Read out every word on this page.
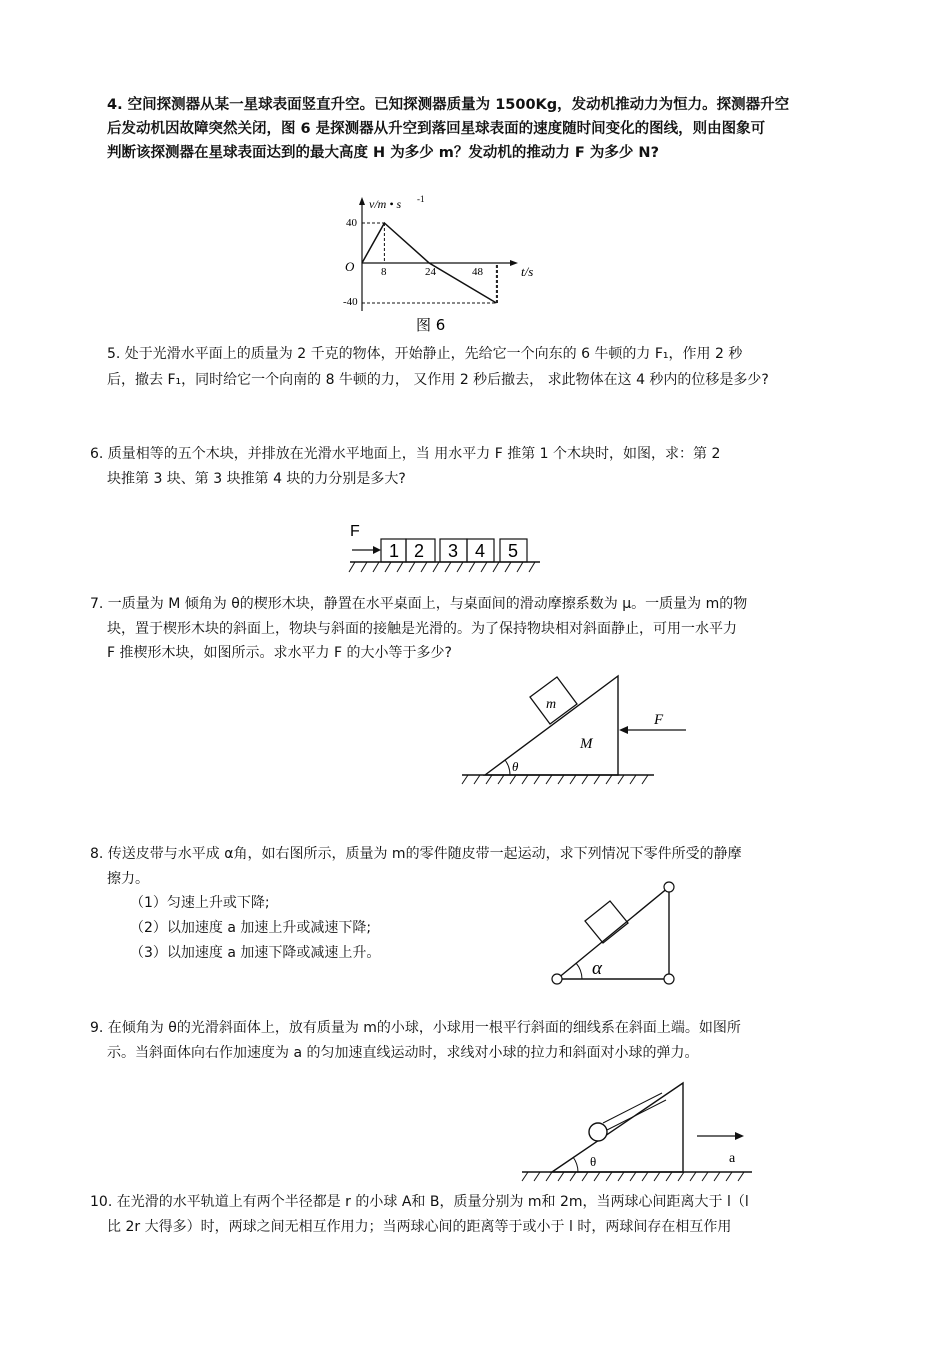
4. 空间探测器从某一星球表面竖直升空。已知探测器质量为 1500Kg，发动机推动力为恒力。探测器升空
后发动机因故障突然关闭，图 6 是探测器从升空到落回星球表面的速度随时间变化的图线，则由图象可
判断该探测器在星球表面达到的最大高度 H 为多少 m？发动机的推动力 F 为多少 N?
v/m • s -1
t/s
O
40
-40
8	24	48
图 6
5. 处于光滑水平面上的质量为 2 千克的物体，开始静止，先给它一个向东的 6 牛顿的力 F₁，作用 2 秒
后，撤去 F₁，同时给它一个向南的 8 牛顿的力， 又作用 2 秒后撤去， 求此物体在这 4 秒内的位移是多少?
6. 质量相等的五个木块，并排放在光滑水平地面上，当 用水平力 F 推第 1 个木块时，如图，求：第 2
块推第 3 块、第 3 块推第 4 块的力分别是多大?
F
1 2 3 4 5
7. 一质量为 M 倾角为 θ的楔形木块，静置在水平桌面上，与桌面间的滑动摩擦系数为 μ。一质量为 m的物
块，置于楔形木块的斜面上，物块与斜面的接触是光滑的。为了保持物块相对斜面静止，可用一水平力
F 推楔形木块，如图所示。求水平力 F 的大小等于多少?
m
M
F
θ
8. 传送皮带与水平成 α角，如右图所示，质量为 m的零件随皮带一起运动，求下列情况下零件所受的静摩
擦力。
（1）匀速上升或下降;
（2）以加速度 a 加速上升或减速下降;
（3）以加速度 a 加速下降或减速上升。
α
9. 在倾角为 θ的光滑斜面体上，放有质量为 m的小球，小球用一根平行斜面的细线系在斜面上端。如图所
示。当斜面体向右作加速度为 a 的匀加速直线运动时，求线对小球的拉力和斜面对小球的弹力。
θ	a
10. 在光滑的水平轨道上有两个半径都是 r 的小球 A和 B，质量分别为 m和 2m，当两球心间距离大于 l（l
比 2r 大得多）时，两球之间无相互作用力；当两球心间的距离等于或小于 l 时，两球间存在相互作用
